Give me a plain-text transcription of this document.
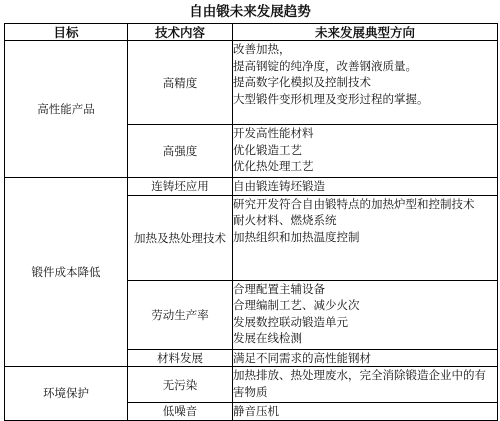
自由锻未来发展趋势
目标	技术内容	未来发展典型方向
高性能产品	高精度	改善加热，
提高钢锭的纯净度，改善钢液质量。
提高数字化模拟及控制技术
大型锻件变形机理及变形过程的掌握。

	高强度	开发高性能材料
优化锻造工艺
优化热处理工艺

锻件成本降低	连铸坯应用	自由锻连铸坯锻造

	加热及热处理技术	研究开发符合自由锻特点的加热炉型和控制技术
耐火材料、燃烧系统
加热组织和加热温度控制

	劳动生产率	合理配置主辅设备
合理编制工艺、减少火次
发展数控联动锻造单元
发展在线检测

	材料发展	满足不同需求的高性能钢材

环境保护	无污染	加热排放、热处理废水，完全消除锻造企业中的有害物质

	低噪音	静音压机
